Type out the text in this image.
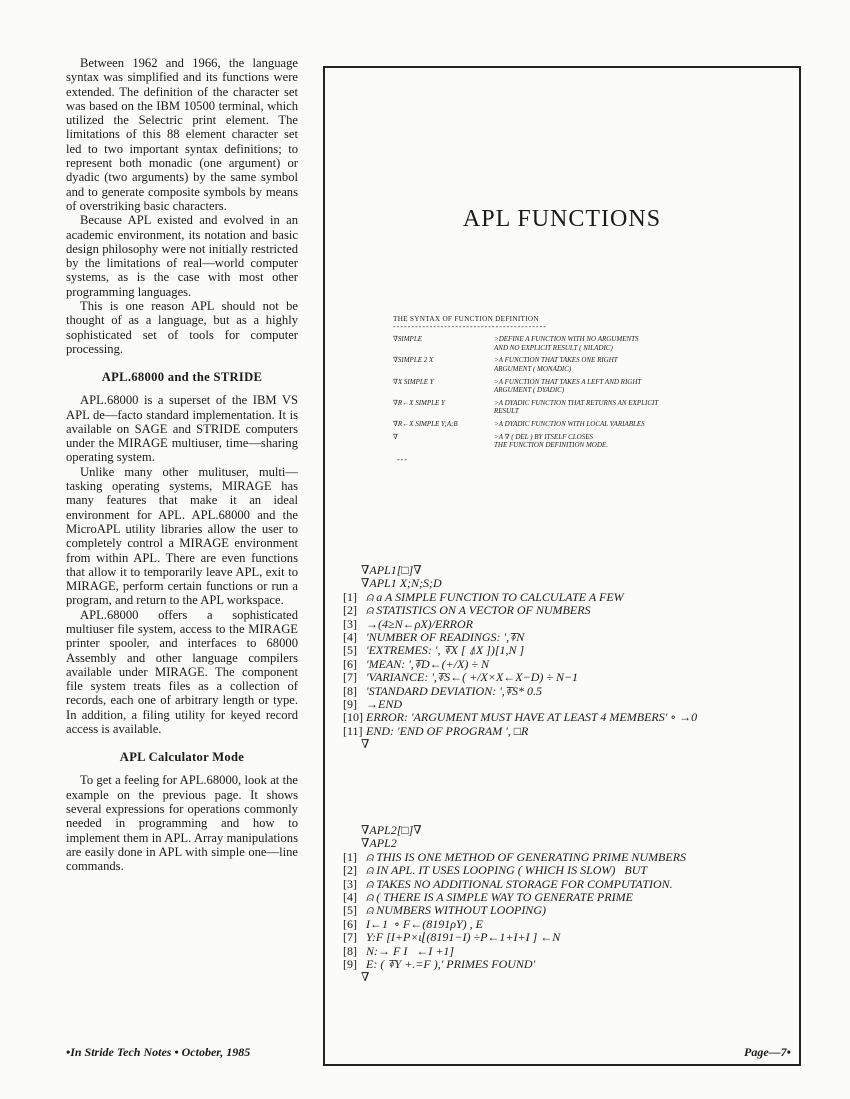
Between 1962 and 1966, the language syntax was simplified and its functions were extended. The definition of the character set was based on the IBM 10500 terminal, which utilized the Selectric print element. The limitations of this 88 element character set led to two important syntax definitions; to represent both monadic (one argument) or dyadic (two arguments) by the same symbol and to generate composite symbols by means of overstriking basic characters.

Because APL existed and evolved in an academic environment, its notation and basic design philosophy were not initially restricted by the limitations of real—world computer systems, as is the case with most other programming languages.

This is one reason APL should not be thought of as a language, but as a highly sophisticated set of tools for computer processing.

APL.68000 and the STRIDE

APL.68000 is a superset of the IBM VS APL de—facto standard implementation. It is available on SAGE and STRIDE computers under the MIRAGE multiuser, time—sharing operating system.

Unlike many other mulituser, multi—tasking operating systems, MIRAGE has many features that make it an ideal environment for APL. APL.68000 and the MicroAPL utility libraries allow the user to completely control a MIRAGE environment from within APL. There are even functions that allow it to temporarily leave APL, exit to MIRAGE, perform certain functions or run a program, and return to the APL workspace.

APL.68000 offers a sophisticated multiuser file system, access to the MIRAGE printer spooler, and interfaces to 68000 Assembly and other language compilers available under MIRAGE. The component file system treats files as a collection of records, each one of arbitrary length or type. In addition, a filing utility for keyed record access is available.

APL Calculator Mode

To get a feeling for APL.68000, look at the example on the previous page. It shows several expressions for operations commonly needed in programming and how to implement them in APL. Array manipulations are easily done in APL with simple one—line commands.

APL FUNCTIONS
THE SYNTAX OF FUNCTION DEFINITION
------------------------------------------
∇SIMPLE	>DEFINE A FUNCTION WITH NO ARGUMENTS
AND NO EXPLICIT RESULT ( NILADIC)
∇SIMPLE 2 X	>A FUNCTION THAT TAKES ONE RIGHT
ARGUMENT ( MONADIC)
∇X SIMPLE Y	>A FUNCTION THAT TAKES A LEFT AND RIGHT
ARGUMENT ( DYADIC)
∇R←X SIMPLE Y	>A DYADIC FUNCTION THAT RETURNS AN EXPLICIT
RESULT
∇R←X SIMPLE Y;A;B	>A DYADIC FUNCTION WITH LOCAL VARIABLES
∇	>A ∇ ( DEL ) BY ITSELF CLOSES
THE FUNCTION DEFINITION MODE.
---
∇APL1[□]∇
∇APL1 X;N;S;D
[1] ⍝ a A SIMPLE FUNCTION TO CALCULATE A FEW
[2] ⍝ STATISTICS ON A VECTOR OF NUMBERS
[3] →(4≥N←ρX)/ERROR
[4] 'NUMBER OF READINGS: ',⍕N
[5] 'EXTREMES: ', ⍕X [ ⍋X ])[1,N ]
[6] 'MEAN: ',⍕D←(+/X) ÷ N
[7] 'VARIANCE: ',⍕S←( +/X×X←X−D) ÷ N−1
[8] 'STANDARD DEVIATION: ',⍕S* 0.5
[9] →END
[10] ERROR: 'ARGUMENT MUST HAVE AT LEAST 4 MEMBERS' ∘ →0
[11] END: 'END OF PROGRAM ', □R
∇
∇APL2[□]∇
∇APL2
[1] ⍝ THIS IS ONE METHOD OF GENERATING PRIME NUMBERS
[2] ⍝ IN APL. IT USES LOOPING ( WHICH IS SLOW)   BUT
[3] ⍝ TAKES NO ADDITIONAL STORAGE FOR COMPUTATION.
[4] ⍝ ( THERE IS A SIMPLE WAY TO GENERATE PRIME
[5] ⍝ NUMBERS WITHOUT LOOPING)
[6] I←1  ∘ F←(8191ρY) , E
[7] Y:F [I+P×ι⌊(8191−I) ÷P←1+I+I ] ←N
[8] N:→ F I   ←I +1]
[9] E: ( ⍕Y +.=F ),' PRIMES FOUND'
∇
•In Stride Tech Notes • October, 1985	Page—7•
